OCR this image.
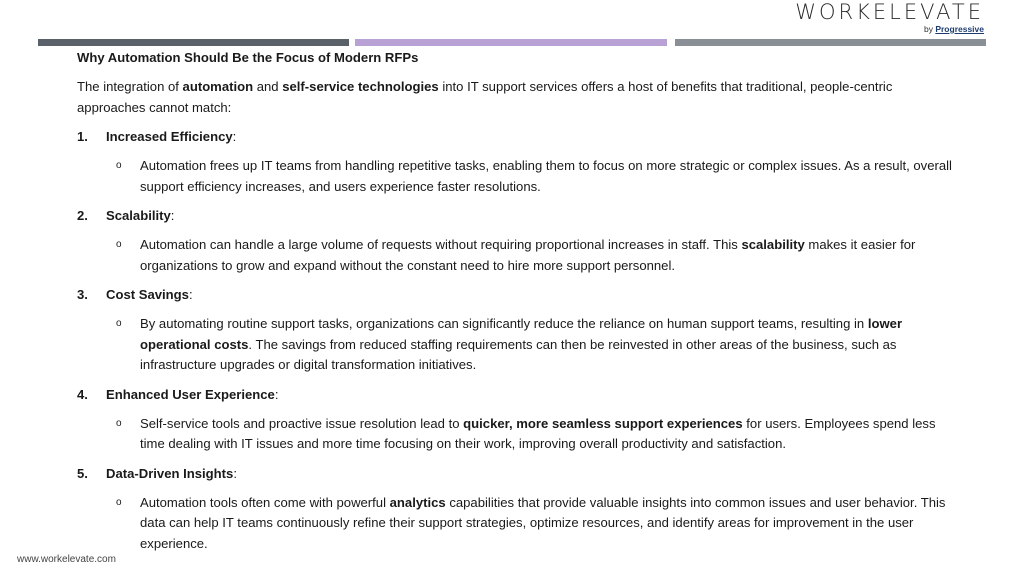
WORKELEVATE
by Progressive
Why Automation Should Be the Focus of Modern RFPs
The integration of automation and self-service technologies into IT support services offers a host of benefits that traditional, people-centric approaches cannot match:
1. Increased Efficiency:
o Automation frees up IT teams from handling repetitive tasks, enabling them to focus on more strategic or complex issues. As a result, overall support efficiency increases, and users experience faster resolutions.
2. Scalability:
o Automation can handle a large volume of requests without requiring proportional increases in staff. This scalability makes it easier for organizations to grow and expand without the constant need to hire more support personnel.
3. Cost Savings:
o By automating routine support tasks, organizations can significantly reduce the reliance on human support teams, resulting in lower operational costs. The savings from reduced staffing requirements can then be reinvested in other areas of the business, such as infrastructure upgrades or digital transformation initiatives.
4. Enhanced User Experience:
o Self-service tools and proactive issue resolution lead to quicker, more seamless support experiences for users. Employees spend less time dealing with IT issues and more time focusing on their work, improving overall productivity and satisfaction.
5. Data-Driven Insights:
o Automation tools often come with powerful analytics capabilities that provide valuable insights into common issues and user behavior. This data can help IT teams continuously refine their support strategies, optimize resources, and identify areas for improvement in the user experience.
www.workelevate.com
